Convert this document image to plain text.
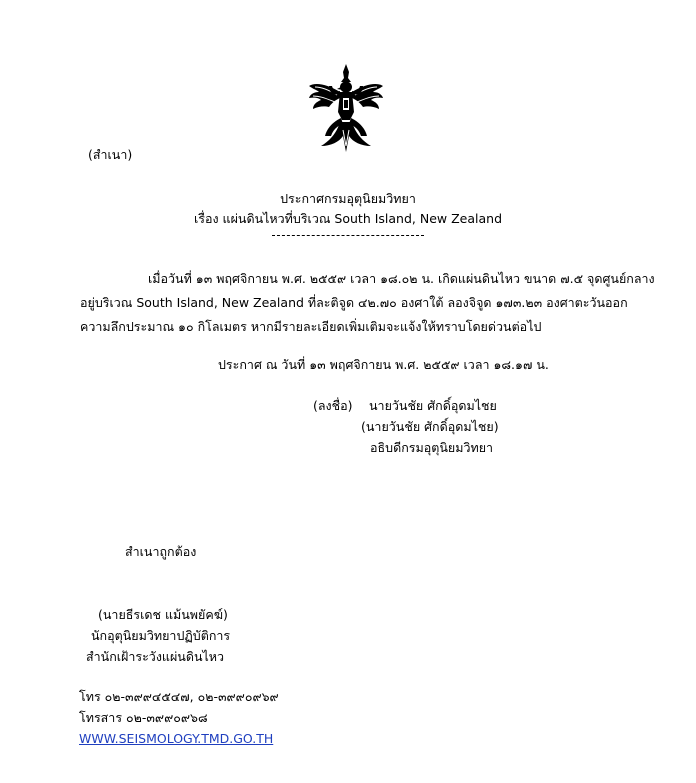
(สำเนา)
ประกาศกรมอุตุนิยมวิทยา
เรื่อง แผ่นดินไหวที่บริเวณ South Island, New Zealand
เมื่อวันที่ ๑๓ พฤศจิกายน พ.ศ. ๒๕๕๙ เวลา ๑๘.๐๒ น. เกิดแผ่นดินไหว ขนาด ๗.๕ จุดศูนย์กลาง
อยู่บริเวณ South Island, New Zealand ที่ละติจูด ๔๒.๗๐ องศาใต้ ลองจิจูด ๑๗๓.๒๓ องศาตะวันออก
ความลึกประมาณ ๑๐ กิโลเมตร หากมีรายละเอียดเพิ่มเติมจะแจ้งให้ทราบโดยด่วนต่อไป
ประกาศ ณ วันที่ ๑๓ พฤศจิกายน พ.ศ. ๒๕๕๙ เวลา ๑๘.๑๗ น.
(ลงชื่อ) นายวันชัย ศักดิ์อุดมไชย
(นายวันชัย ศักดิ์อุดมไชย)
อธิบดีกรมอุตุนิยมวิทยา
สำเนาถูกต้อง
(นายธีรเดช แม้นพยัคฆ์)
นักอุตุนิยมวิทยาปฏิบัติการ
สำนักเฝ้าระวังแผ่นดินไหว
โทร ๐๒-๓๙๙๔๕๔๗, ๐๒-๓๙๙๐๙๖๙
โทรสาร ๐๒-๓๙๙๐๙๖๘
WWW.SEISMOLOGY.TMD.GO.TH
